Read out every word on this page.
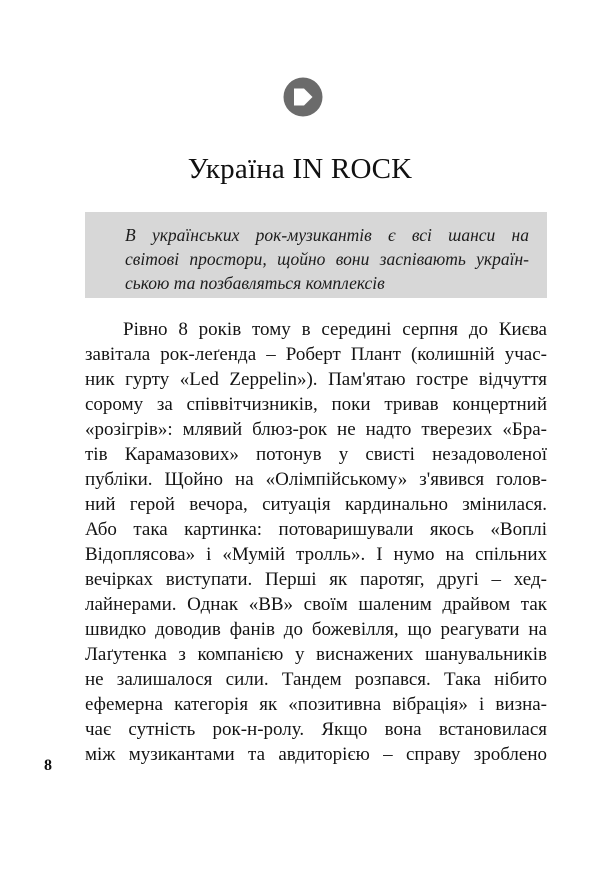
Україна IN ROCK
В українських рок-музикантів є всі шанси на
світові простори, щойно вони заспівають україн-
ською та позбавляться комплексів
Рівно 8 років тому в середині серпня до Києва
завітала рок-леґенда – Роберт Плант (колишній учас-
ник гурту «Led Zeppelin»). Пам'ятаю гостре відчуття
сорому за співвітчизників, поки тривав концертний
«розігрів»: млявий блюз-рок не надто тверезих «Бра-
тів Карамазових» потонув у свисті незадоволеної
публіки. Щойно на «Олімпійському» з'явився голов-
ний герой вечора, ситуація кардинально змінилася.
Або така картинка: потоваришували якось «Воплі
Відоплясова» і «Мумій тролль». І нумо на спільних
вечірках виступати. Перші як паротяг, другі – хед-
лайнерами. Однак «ВВ» своїм шаленим драйвом так
швидко доводив фанів до божевілля, що реагувати на
Лаґутенка з компанією у виснажених шанувальників
не залишалося сили. Тандем розпався. Така нібито
ефемерна категорія як «позитивна вібрація» і визна-
чає сутність рок-н-ролу. Якщо вона встановилася
між музикантами та авдиторією – справу зроблено
8
